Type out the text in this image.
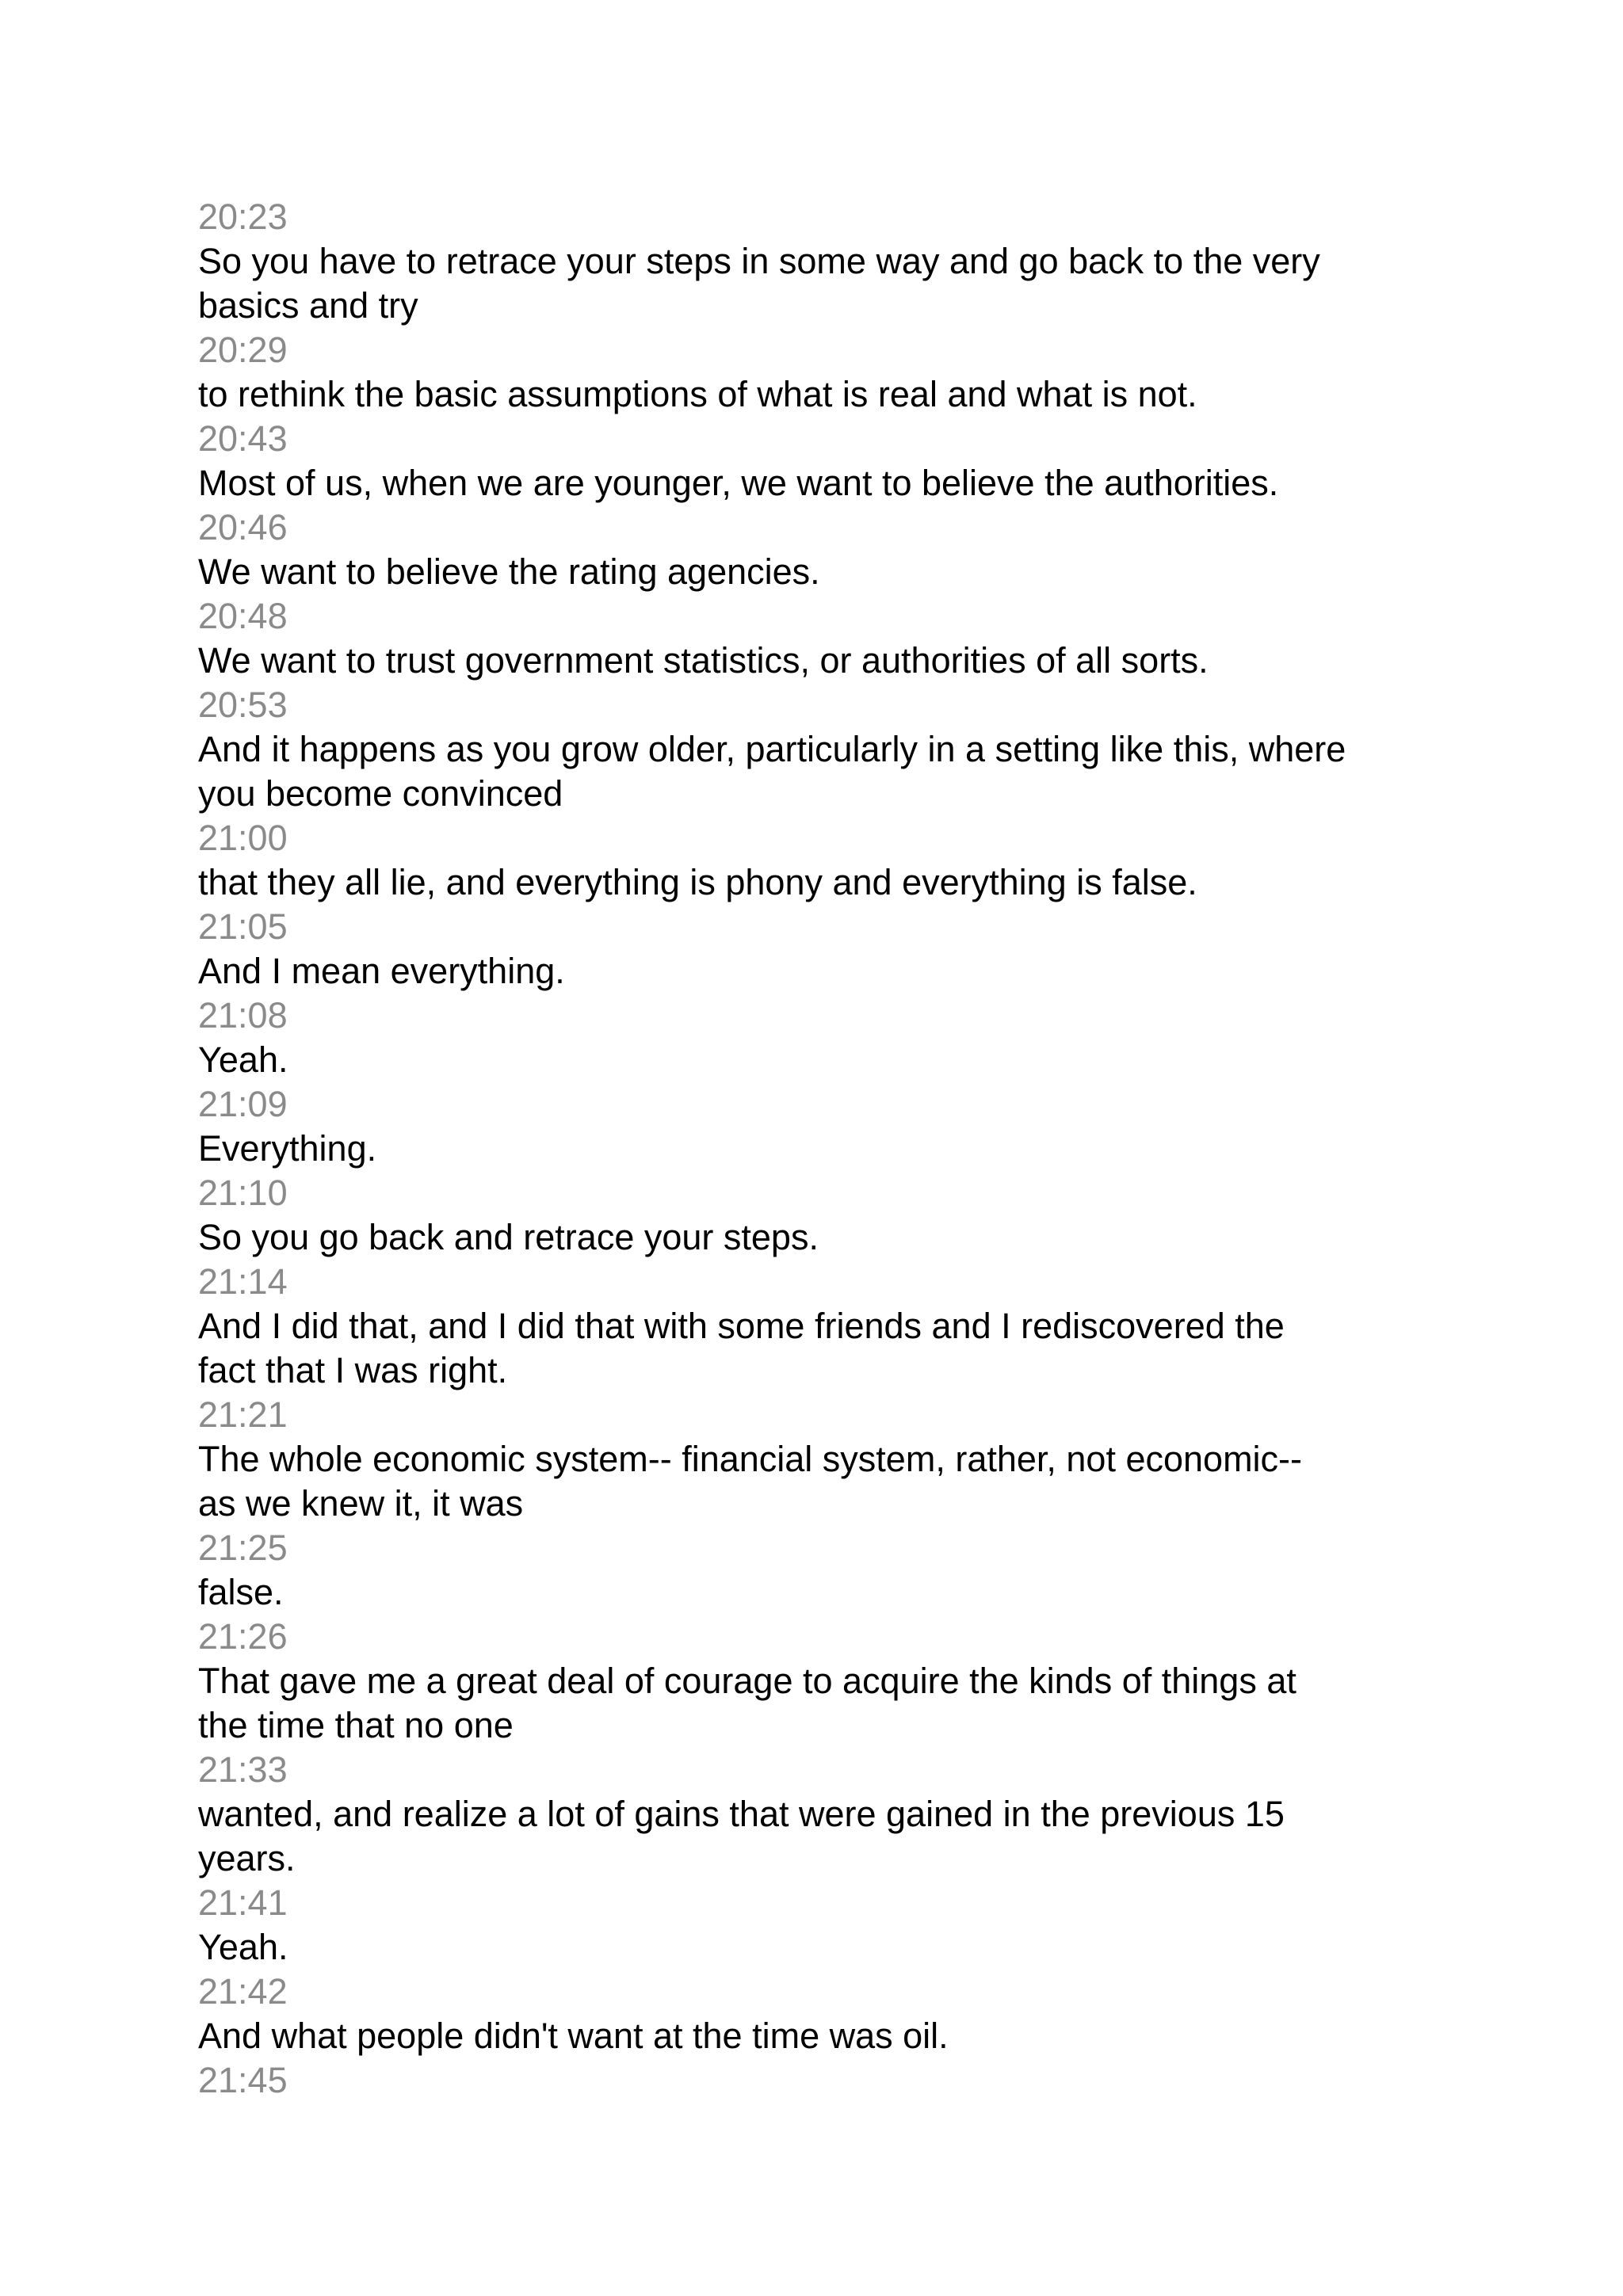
20:23
So you have to retrace your steps in some way and go back to the very
basics and try
20:29
to rethink the basic assumptions of what is real and what is not.
20:43
Most of us, when we are younger, we want to believe the authorities.
20:46
We want to believe the rating agencies.
20:48
We want to trust government statistics, or authorities of all sorts.
20:53
And it happens as you grow older, particularly in a setting like this, where
you become convinced
21:00
that they all lie, and everything is phony and everything is false.
21:05
And I mean everything.
21:08
Yeah.
21:09
Everything.
21:10
So you go back and retrace your steps.
21:14
And I did that, and I did that with some friends and I rediscovered the
fact that I was right.
21:21
The whole economic system-- financial system, rather, not economic--
as we knew it, it was
21:25
false.
21:26
That gave me a great deal of courage to acquire the kinds of things at
the time that no one
21:33
wanted, and realize a lot of gains that were gained in the previous 15
years.
21:41
Yeah.
21:42
And what people didn't want at the time was oil.
21:45
